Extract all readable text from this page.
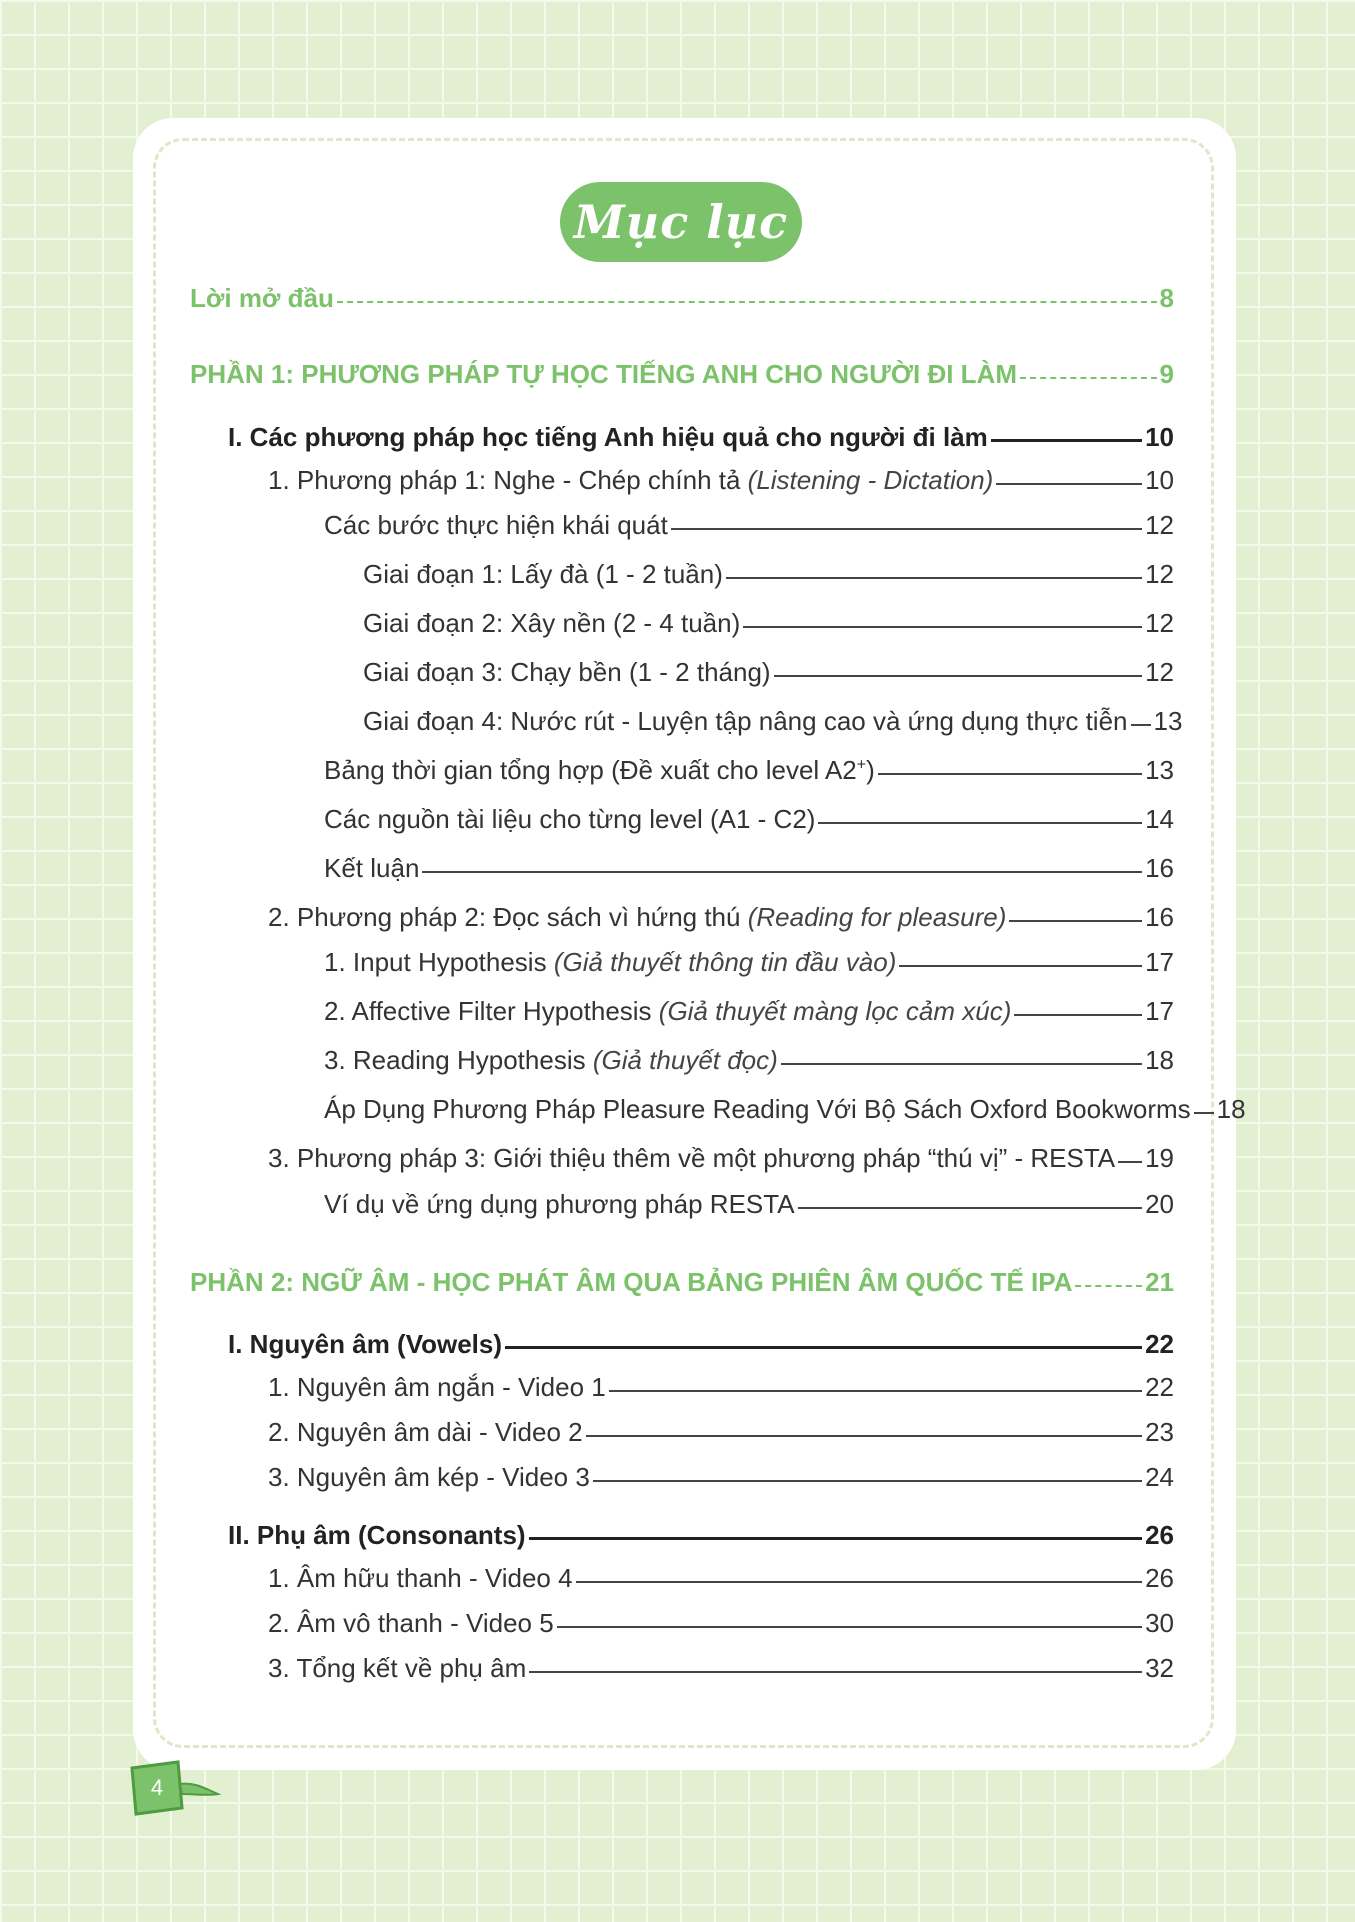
Mục lục
Lời mở đầu	8
PHẦN 1: PHƯƠNG PHÁP TỰ HỌC TIẾNG ANH CHO NGƯỜI ĐI LÀM	9
I. Các phương pháp học tiếng Anh hiệu quả cho người đi làm	10
1. Phương pháp 1: Nghe - Chép chính tả (Listening - Dictation)	10
Các bước thực hiện khái quát	12
Giai đoạn 1: Lấy đà (1 - 2 tuần)	12
Giai đoạn 2: Xây nền (2 - 4 tuần)	12
Giai đoạn 3: Chạy bền (1 - 2 tháng)	12
Giai đoạn 4: Nước rút - Luyện tập nâng cao và ứng dụng thực tiễn 13
Bảng thời gian tổng hợp (Đề xuất cho level A2+)	13
Các nguồn tài liệu cho từng level (A1 - C2)	14
Kết luận	16
2. Phương pháp 2: Đọc sách vì hứng thú (Reading for pleasure)	16
1. Input Hypothesis (Giả thuyết thông tin đầu vào)	17
2. Affective Filter Hypothesis (Giả thuyết màng lọc cảm xúc)	17
3. Reading Hypothesis (Giả thuyết đọc)	18
Áp Dụng Phương Pháp Pleasure Reading Với Bộ Sách Oxford Bookworms 18
3. Phương pháp 3: Giới thiệu thêm về một phương pháp “thú vị” - RESTA 19
Ví dụ về ứng dụng phương pháp RESTA	20
PHẦN 2: NGỮ ÂM - HỌC PHÁT ÂM QUA BẢNG PHIÊN ÂM QUỐC TẾ IPA	21
I. Nguyên âm (Vowels)	22
1. Nguyên âm ngắn - Video 1	22
2. Nguyên âm dài - Video 2	23
3. Nguyên âm kép - Video 3	24
II. Phụ âm (Consonants)	26
1. Âm hữu thanh - Video 4	26
2. Âm vô thanh - Video 5	30
3. Tổng kết về phụ âm	32
4
